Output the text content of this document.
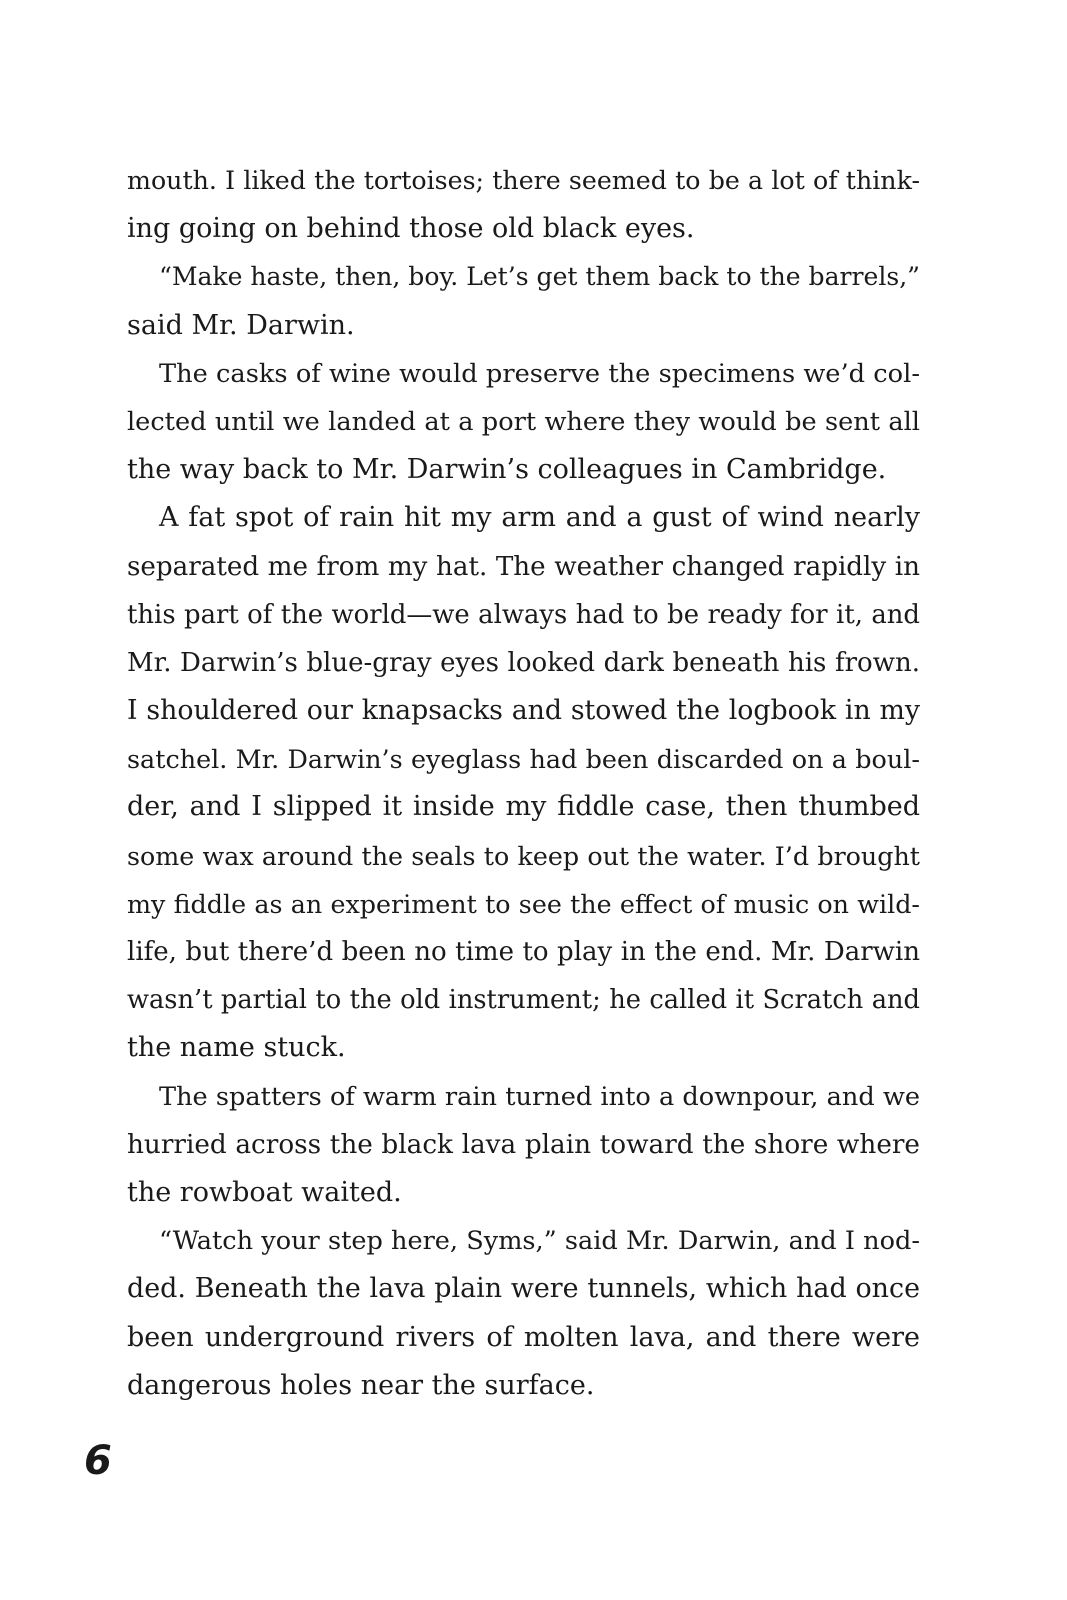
mouth. I liked the tortoises; there seemed to be a lot of think-
ing going on behind those old black eyes.
“Make haste, then, boy. Let’s get them back to the barrels,”
said Mr. Darwin.
The casks of wine would preserve the specimens we’d col-
lected until we landed at a port where they would be sent all
the way back to Mr. Darwin’s colleagues in Cambridge.
A fat spot of rain hit my arm and a gust of wind nearly
separated me from my hat. The weather changed rapidly in
this part of the world—we always had to be ready for it, and
Mr. Darwin’s blue-gray eyes looked dark beneath his frown.
I shouldered our knapsacks and stowed the logbook in my
satchel. Mr. Darwin’s eyeglass had been discarded on a boul-
der, and I slipped it inside my fiddle case, then thumbed
some wax around the seals to keep out the water. I’d brought
my fiddle as an experiment to see the effect of music on wild-
life, but there’d been no time to play in the end. Mr. Darwin
wasn’t partial to the old instrument; he called it Scratch and
the name stuck.
The spatters of warm rain turned into a downpour, and we
hurried across the black lava plain toward the shore where
the rowboat waited.
“Watch your step here, Syms,” said Mr. Darwin, and I nod-
ded. Beneath the lava plain were tunnels, which had once
been underground rivers of molten lava, and there were
dangerous holes near the surface.
6
